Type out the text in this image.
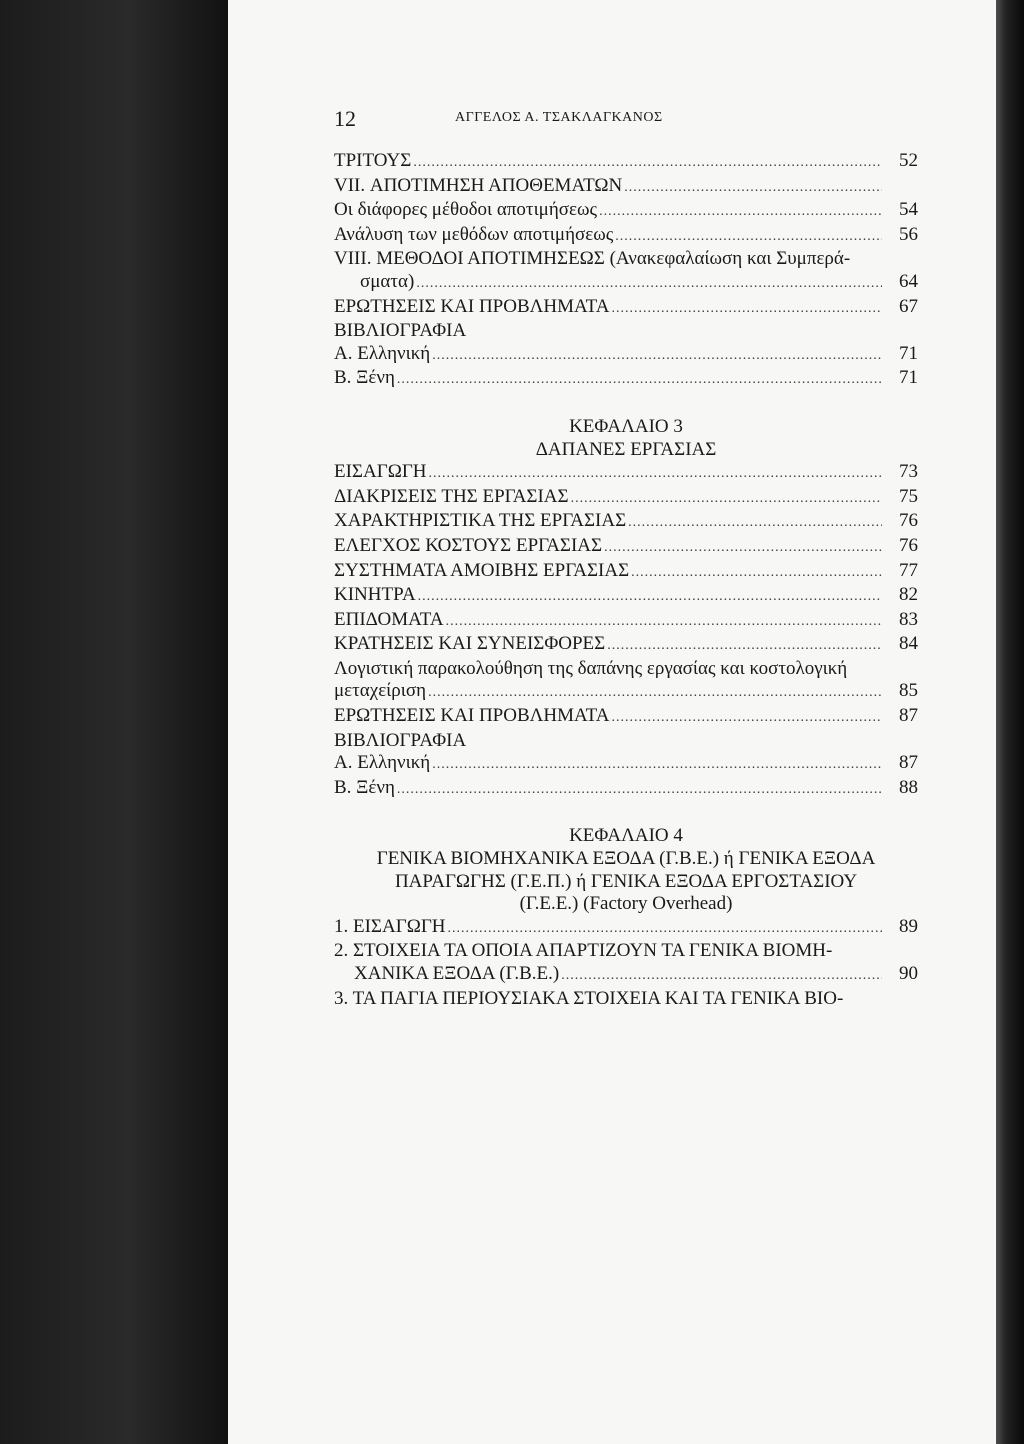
12	ΑΓΓΕΛΟΣ Α. ΤΣΑΚΛΑΓΚΑΝΟΣ
ΤΡΙΤΟΥΣ .....	52
VII. ΑΠΟΤΙΜΗΣΗ ΑΠΟΘΕΜΑΤΩΝ
.....
Οι διάφορες μέθοδοι αποτιμήσεως .....	54
Ανάλυση των μεθόδων αποτιμήσεως .....	56
VIII. ΜΕΘΟΔΟΙ ΑΠΟΤΙΜΗΣΕΩΣ (Ανακεφαλαίωση και Συμπερά-
σματα) .....	64
ΕΡΩΤΗΣΕΙΣ ΚΑΙ ΠΡΟΒΛΗΜΑΤΑ .....	67
ΒΙΒΛΙΟΓΡΑΦΙΑ
Α. Ελληνική .....	71
Β. Ξένη .....	71
ΚΕΦΑΛΑΙΟ 3
ΔΑΠΑΝΕΣ ΕΡΓΑΣΙΑΣ
ΕΙΣΑΓΩΓΗ .....	73
ΔΙΑΚΡΙΣΕΙΣ ΤΗΣ ΕΡΓΑΣΙΑΣ .....	75
ΧΑΡΑΚΤΗΡΙΣΤΙΚΑ ΤΗΣ ΕΡΓΑΣΙΑΣ .....	76
ΕΛΕΓΧΟΣ ΚΟΣΤΟΥΣ ΕΡΓΑΣΙΑΣ .....	76
ΣΥΣΤΗΜΑΤΑ ΑΜΟΙΒΗΣ ΕΡΓΑΣΙΑΣ .....	77
ΚΙΝΗΤΡΑ .....	82
ΕΠΙΔΟΜΑΤΑ .....	83
ΚΡΑΤΗΣΕΙΣ ΚΑΙ ΣΥΝΕΙΣΦΟΡΕΣ .....	84
Λογιστική παρακολούθηση της δαπάνης εργασίας και κοστολογική
μεταχείριση .....	85
ΕΡΩΤΗΣΕΙΣ ΚΑΙ ΠΡΟΒΛΗΜΑΤΑ .....	87
ΒΙΒΛΙΟΓΡΑΦΙΑ
Α. Ελληνική .....	87
Β. Ξένη .....	88
ΚΕΦΑΛΑΙΟ 4
ΓΕΝΙΚΑ ΒΙΟΜΗΧΑΝΙΚΑ ΕΞΟΔΑ (Γ.Β.Ε.) ή ΓΕΝΙΚΑ ΕΞΟΔΑ
ΠΑΡΑΓΩΓΗΣ (Γ.Ε.Π.) ή ΓΕΝΙΚΑ ΕΞΟΔΑ ΕΡΓΟΣΤΑΣΙΟΥ
(Γ.Ε.Ε.) (Factory Overhead)
1. ΕΙΣΑΓΩΓΗ .....	89
2. ΣΤΟΙΧΕΙΑ ΤΑ ΟΠΟΙΑ ΑΠΑΡΤΙΖΟΥΝ ΤΑ ΓΕΝΙΚΑ ΒΙΟΜΗ-
ΧΑΝΙΚΑ ΕΞΟΔΑ (Γ.Β.Ε.) .....	90
3. ΤΑ ΠΑΓΙΑ ΠΕΡΙΟΥΣΙΑΚΑ ΣΤΟΙΧΕΙΑ ΚΑΙ ΤΑ ΓΕΝΙΚΑ ΒΙΟ-
